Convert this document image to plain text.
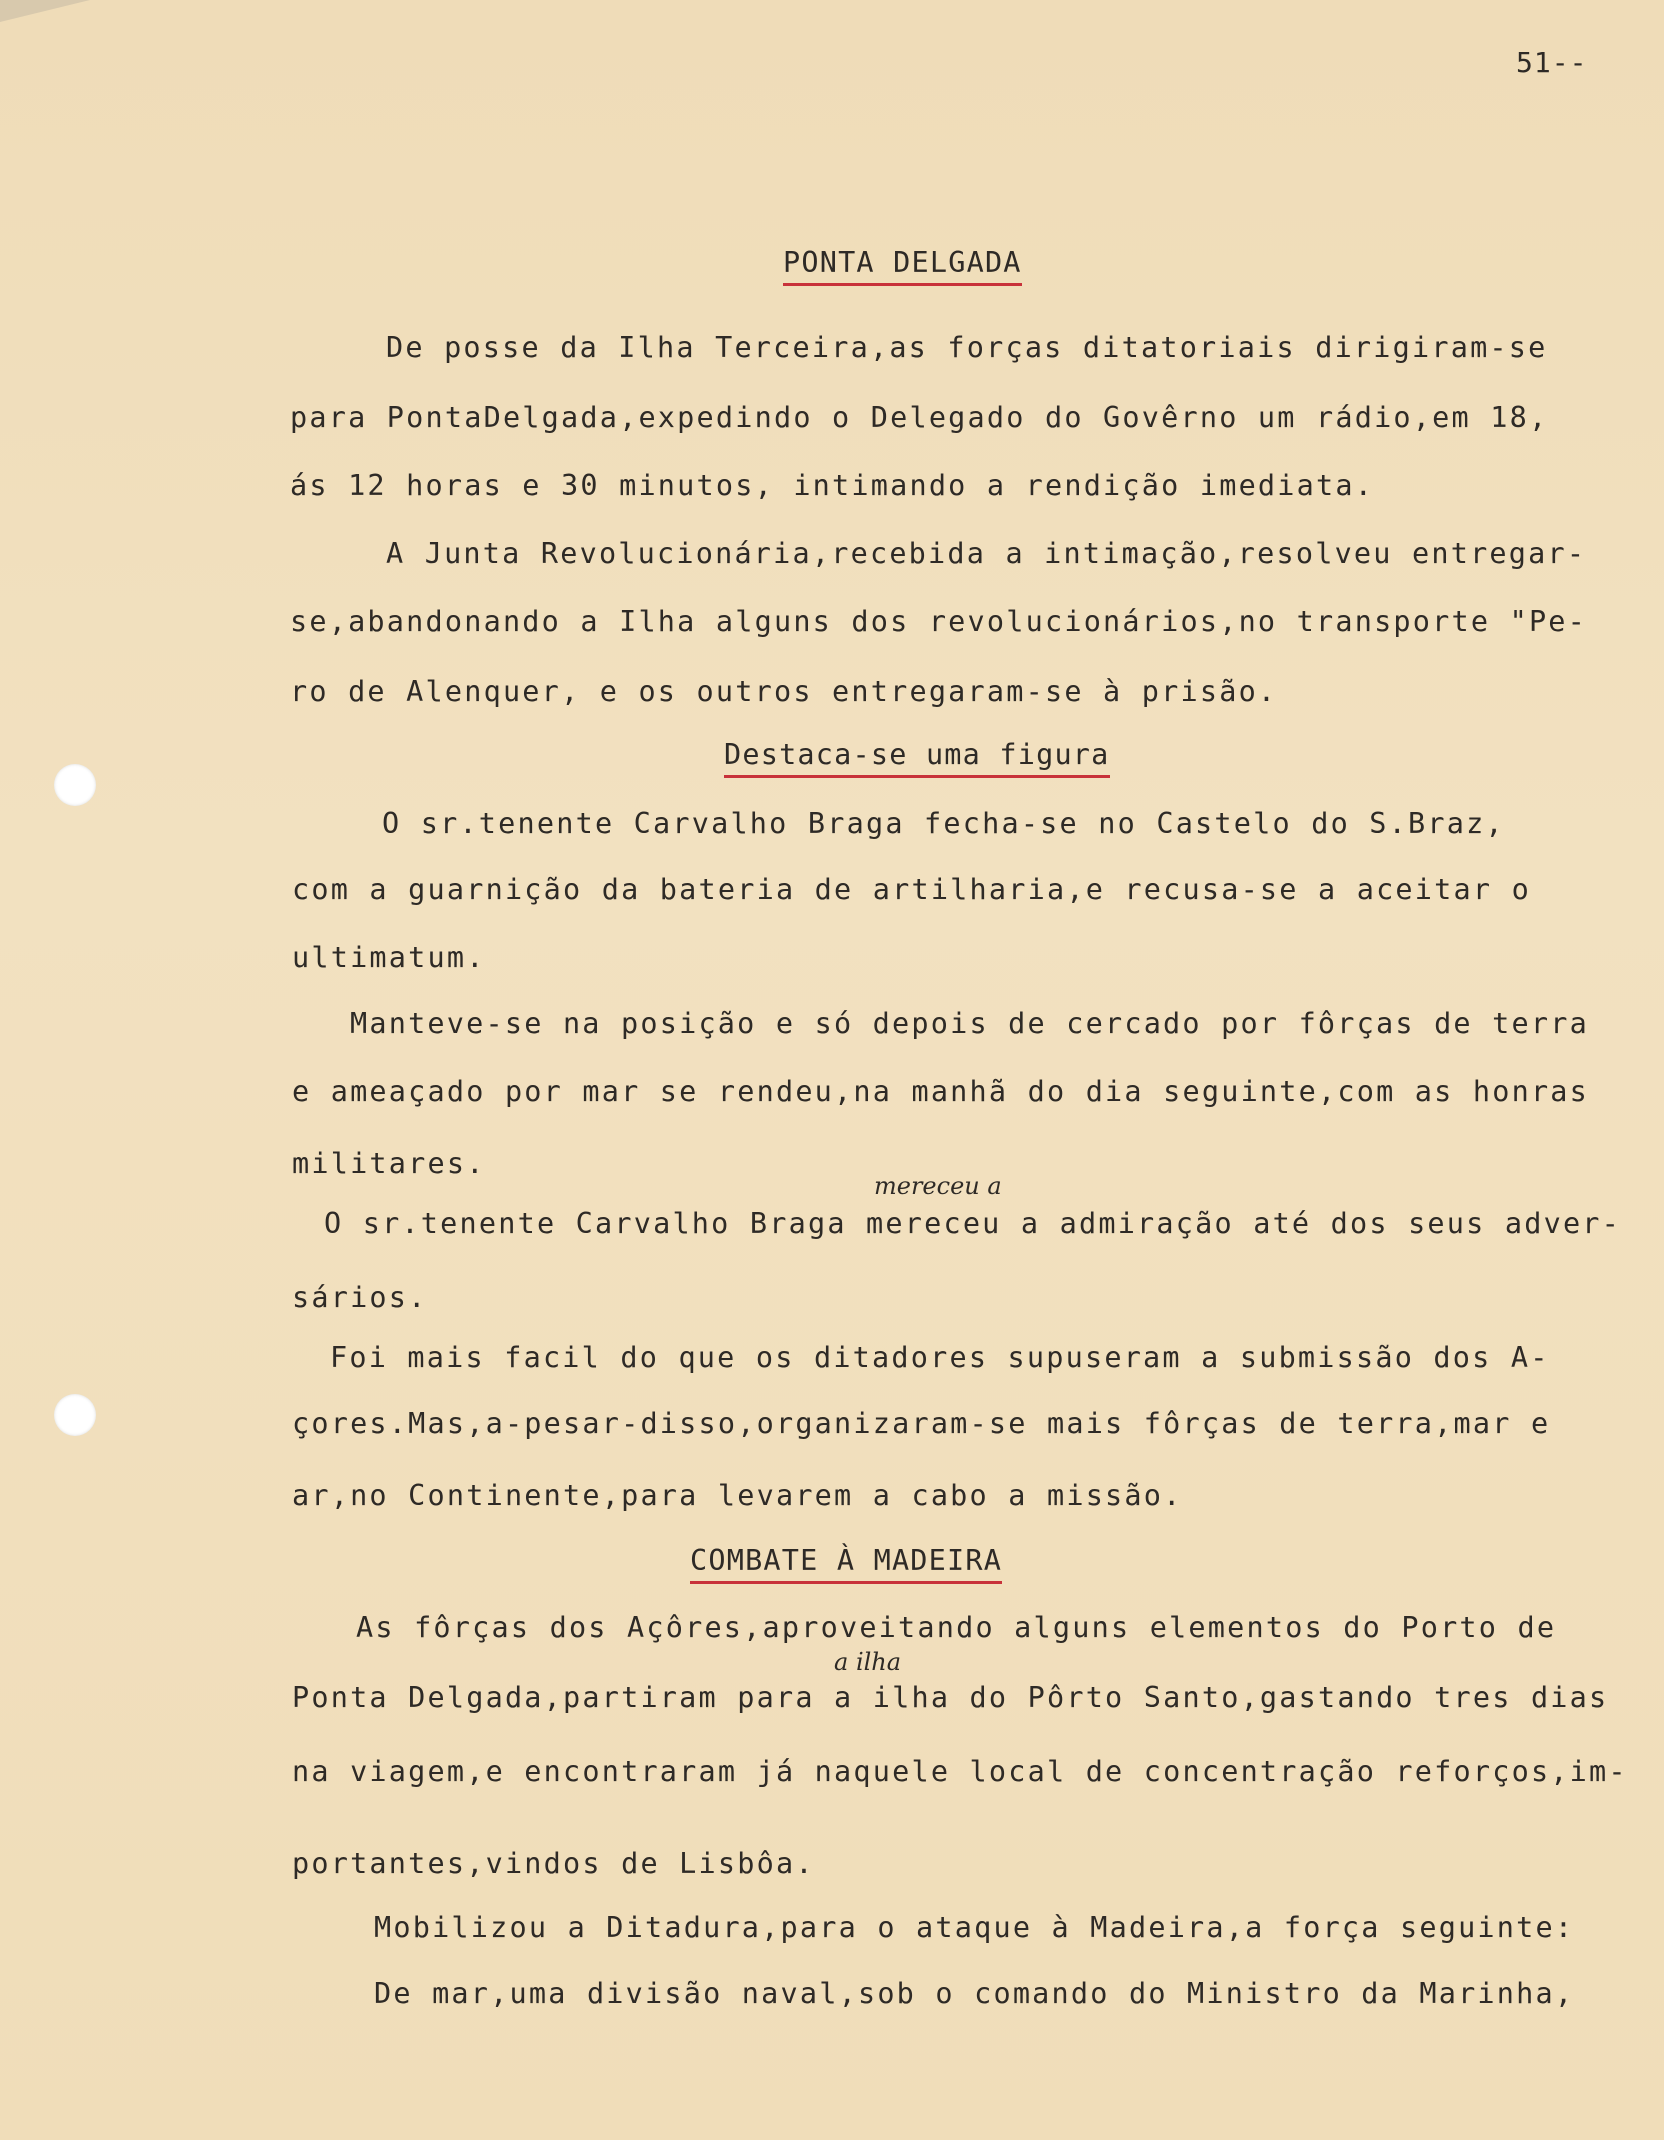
51--
PONTA DELGADA
De posse da Ilha Terceira,as forças ditatoriais dirigiram-se
para PontaDelgada,expedindo o Delegado do Govêrno um rádio,em 18,
ás 12 horas e 30 minutos, intimando a rendição imediata.
A Junta Revolucionária,recebida a intimação,resolveu entregar-
se,abandonando a Ilha alguns dos revolucionários,no transporte "Pe-
ro de Alenquer, e os outros entregaram-se à prisão.
Destaca-se uma figura
O sr.tenente Carvalho Braga fecha-se no Castelo do S.Braz,
com a guarnição da bateria de artilharia,e recusa-se a aceitar o
ultimatum.
Manteve-se na posição e só depois de cercado por fôrças de terra
e ameaçado por mar se rendeu,na manhã do dia seguinte,com as honras
militares.
mereceu a
O sr.tenente Carvalho Braga mereceu a admiração até dos seus adver-
sários.
Foi mais facil do que os ditadores supuseram a submissão dos A-
çores.Mas,a-pesar-disso,organizaram-se mais fôrças de terra,mar e
ar,no Continente,para levarem a cabo a missão.
COMBATE À MADEIRA
As fôrças dos Açôres,aproveitando alguns elementos do Porto de
a ilha
Ponta Delgada,partiram para a ilha do Pôrto Santo,gastando tres dias
na viagem,e encontraram já naquele local de concentração reforços,im-
portantes,vindos de Lisbôa.
Mobilizou a Ditadura,para o ataque à Madeira,a força seguinte:
De mar,uma divisão naval,sob o comando do Ministro da Marinha,
